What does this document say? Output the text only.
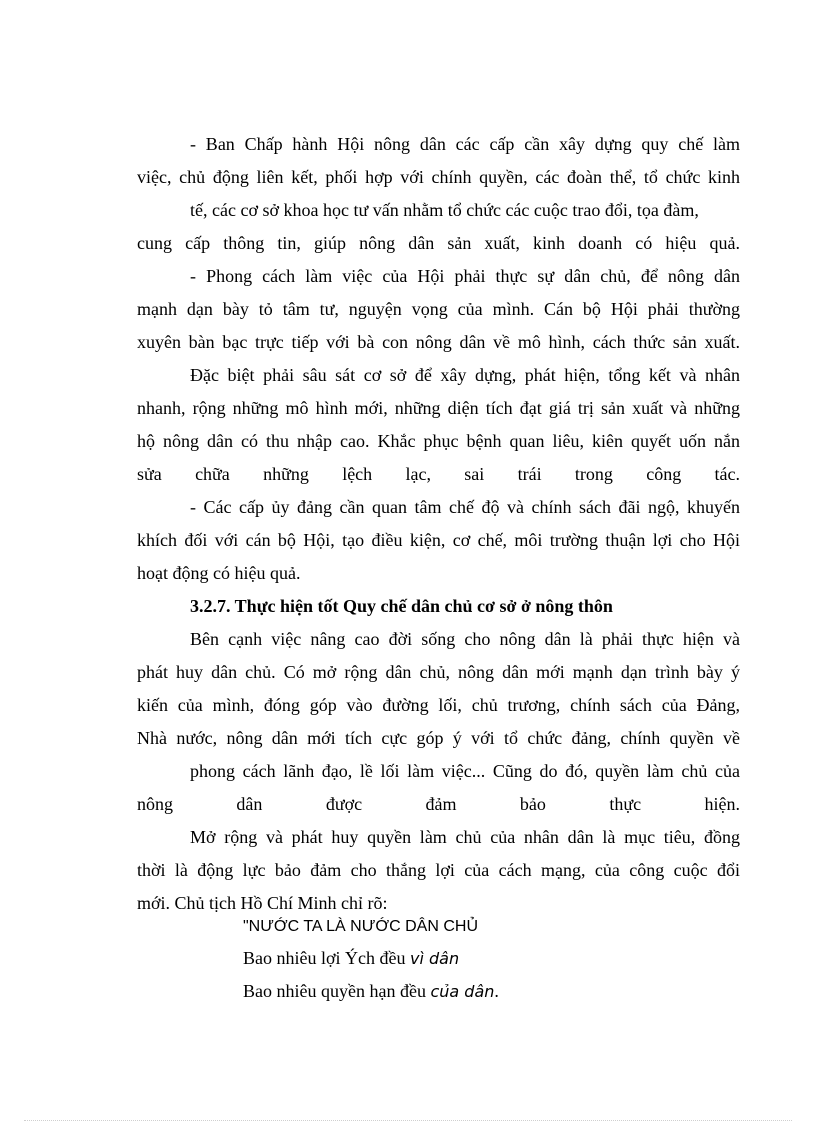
- Ban Chấp hành Hội nông dân các cấp cần xây dựng quy chế làm
việc, chủ động liên kết, phối hợp với chính quyền, các đoàn thể, tổ chức kinh
tế, các cơ sở khoa học tư vấn nhằm tổ chức các cuộc trao đổi, tọa đàm,
cung cấp thông tin, giúp nông dân sản xuất, kinh doanh có hiệu quả.
- Phong cách làm việc của Hội phải thực sự dân chủ, để nông dân
mạnh dạn bày tỏ tâm tư, nguyện vọng của mình. Cán bộ Hội phải thường
xuyên bàn bạc trực tiếp với bà con nông dân về mô hình, cách thức sản xuất.
Đặc biệt phải sâu sát cơ sở để xây dựng, phát hiện, tổng kết và nhân
nhanh, rộng những mô hình mới, những diện tích đạt giá trị sản xuất và những
hộ nông dân có thu nhập cao. Khắc phục bệnh quan liêu, kiên quyết uốn nắn
sửa chữa những lệch lạc, sai trái trong công tác.
- Các cấp ủy đảng cần quan tâm chế độ và chính sách đãi ngộ, khuyến
khích đối với cán bộ Hội, tạo điều kiện, cơ chế, môi trường thuận lợi cho Hội
hoạt động có hiệu quả.
3.2.7. Thực hiện tốt Quy chế dân chủ cơ sở ở nông thôn
Bên cạnh việc nâng cao đời sống cho nông dân là phải thực hiện và
phát huy dân chủ. Có mở rộng dân chủ, nông dân mới mạnh dạn trình bày ý
kiến của mình, đóng góp vào đường lối, chủ trương, chính sách của Đảng,
Nhà nước, nông dân mới tích cực góp ý với tổ chức đảng, chính quyền về
phong cách lãnh đạo, lề lối làm việc... Cũng do đó, quyền làm chủ của
nông dân được đảm bảo thực hiện.
Mở rộng và phát huy quyền làm chủ của nhân dân là mục tiêu, đồng
thời là động lực bảo đảm cho thắng lợi của cách mạng, của công cuộc đổi
mới. Chủ tịch Hồ Chí Minh chỉ rõ:
"NƯỚC TA LÀ NƯỚC DÂN CHỦ
Bao nhiêu lợi Ých đều vì dân
Bao nhiêu quyền hạn đều của dân.
